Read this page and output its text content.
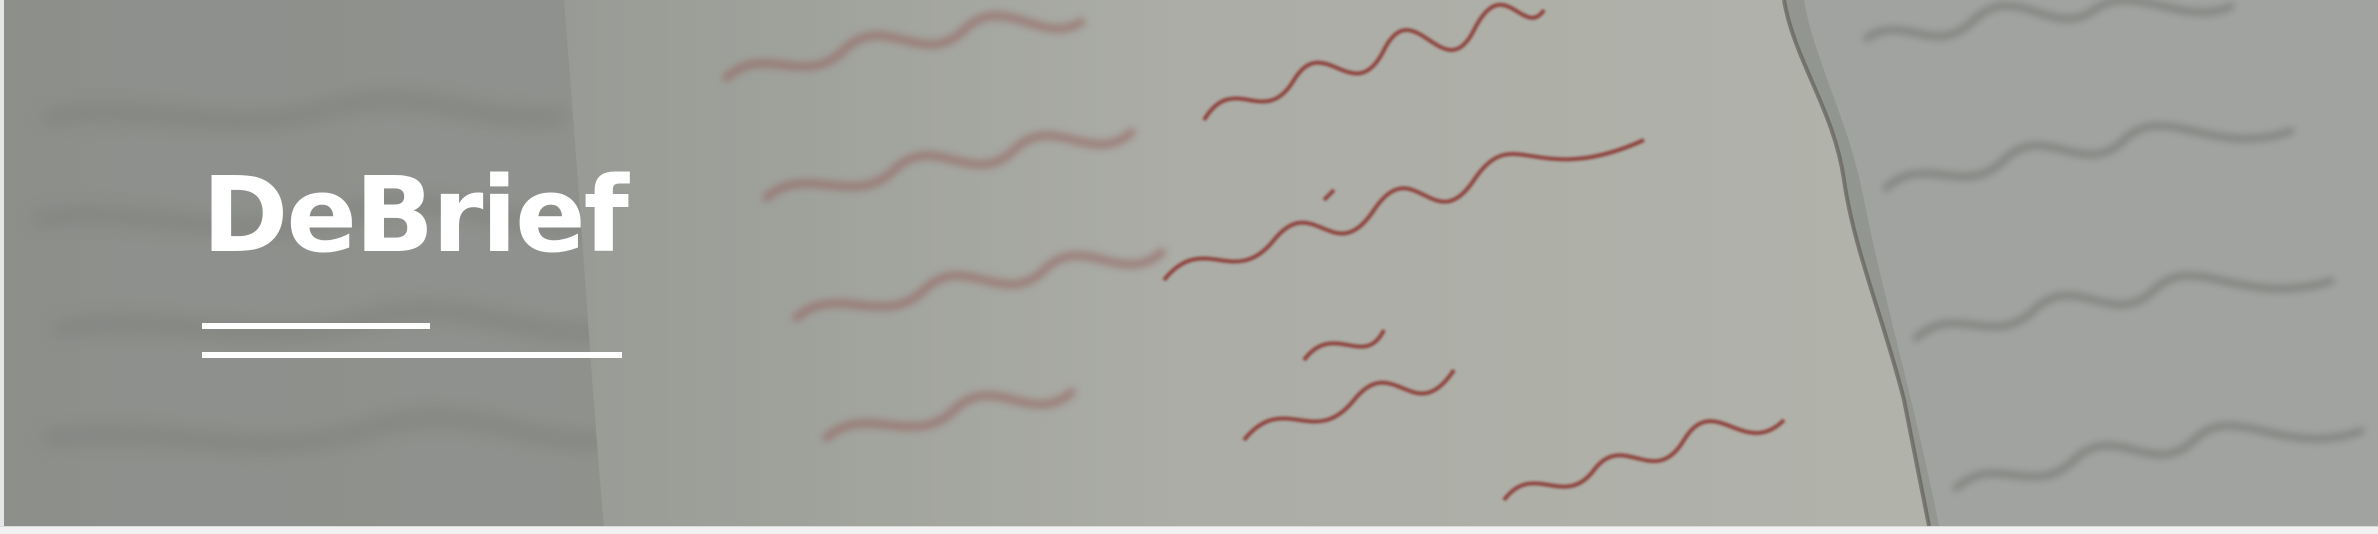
DeBrief
